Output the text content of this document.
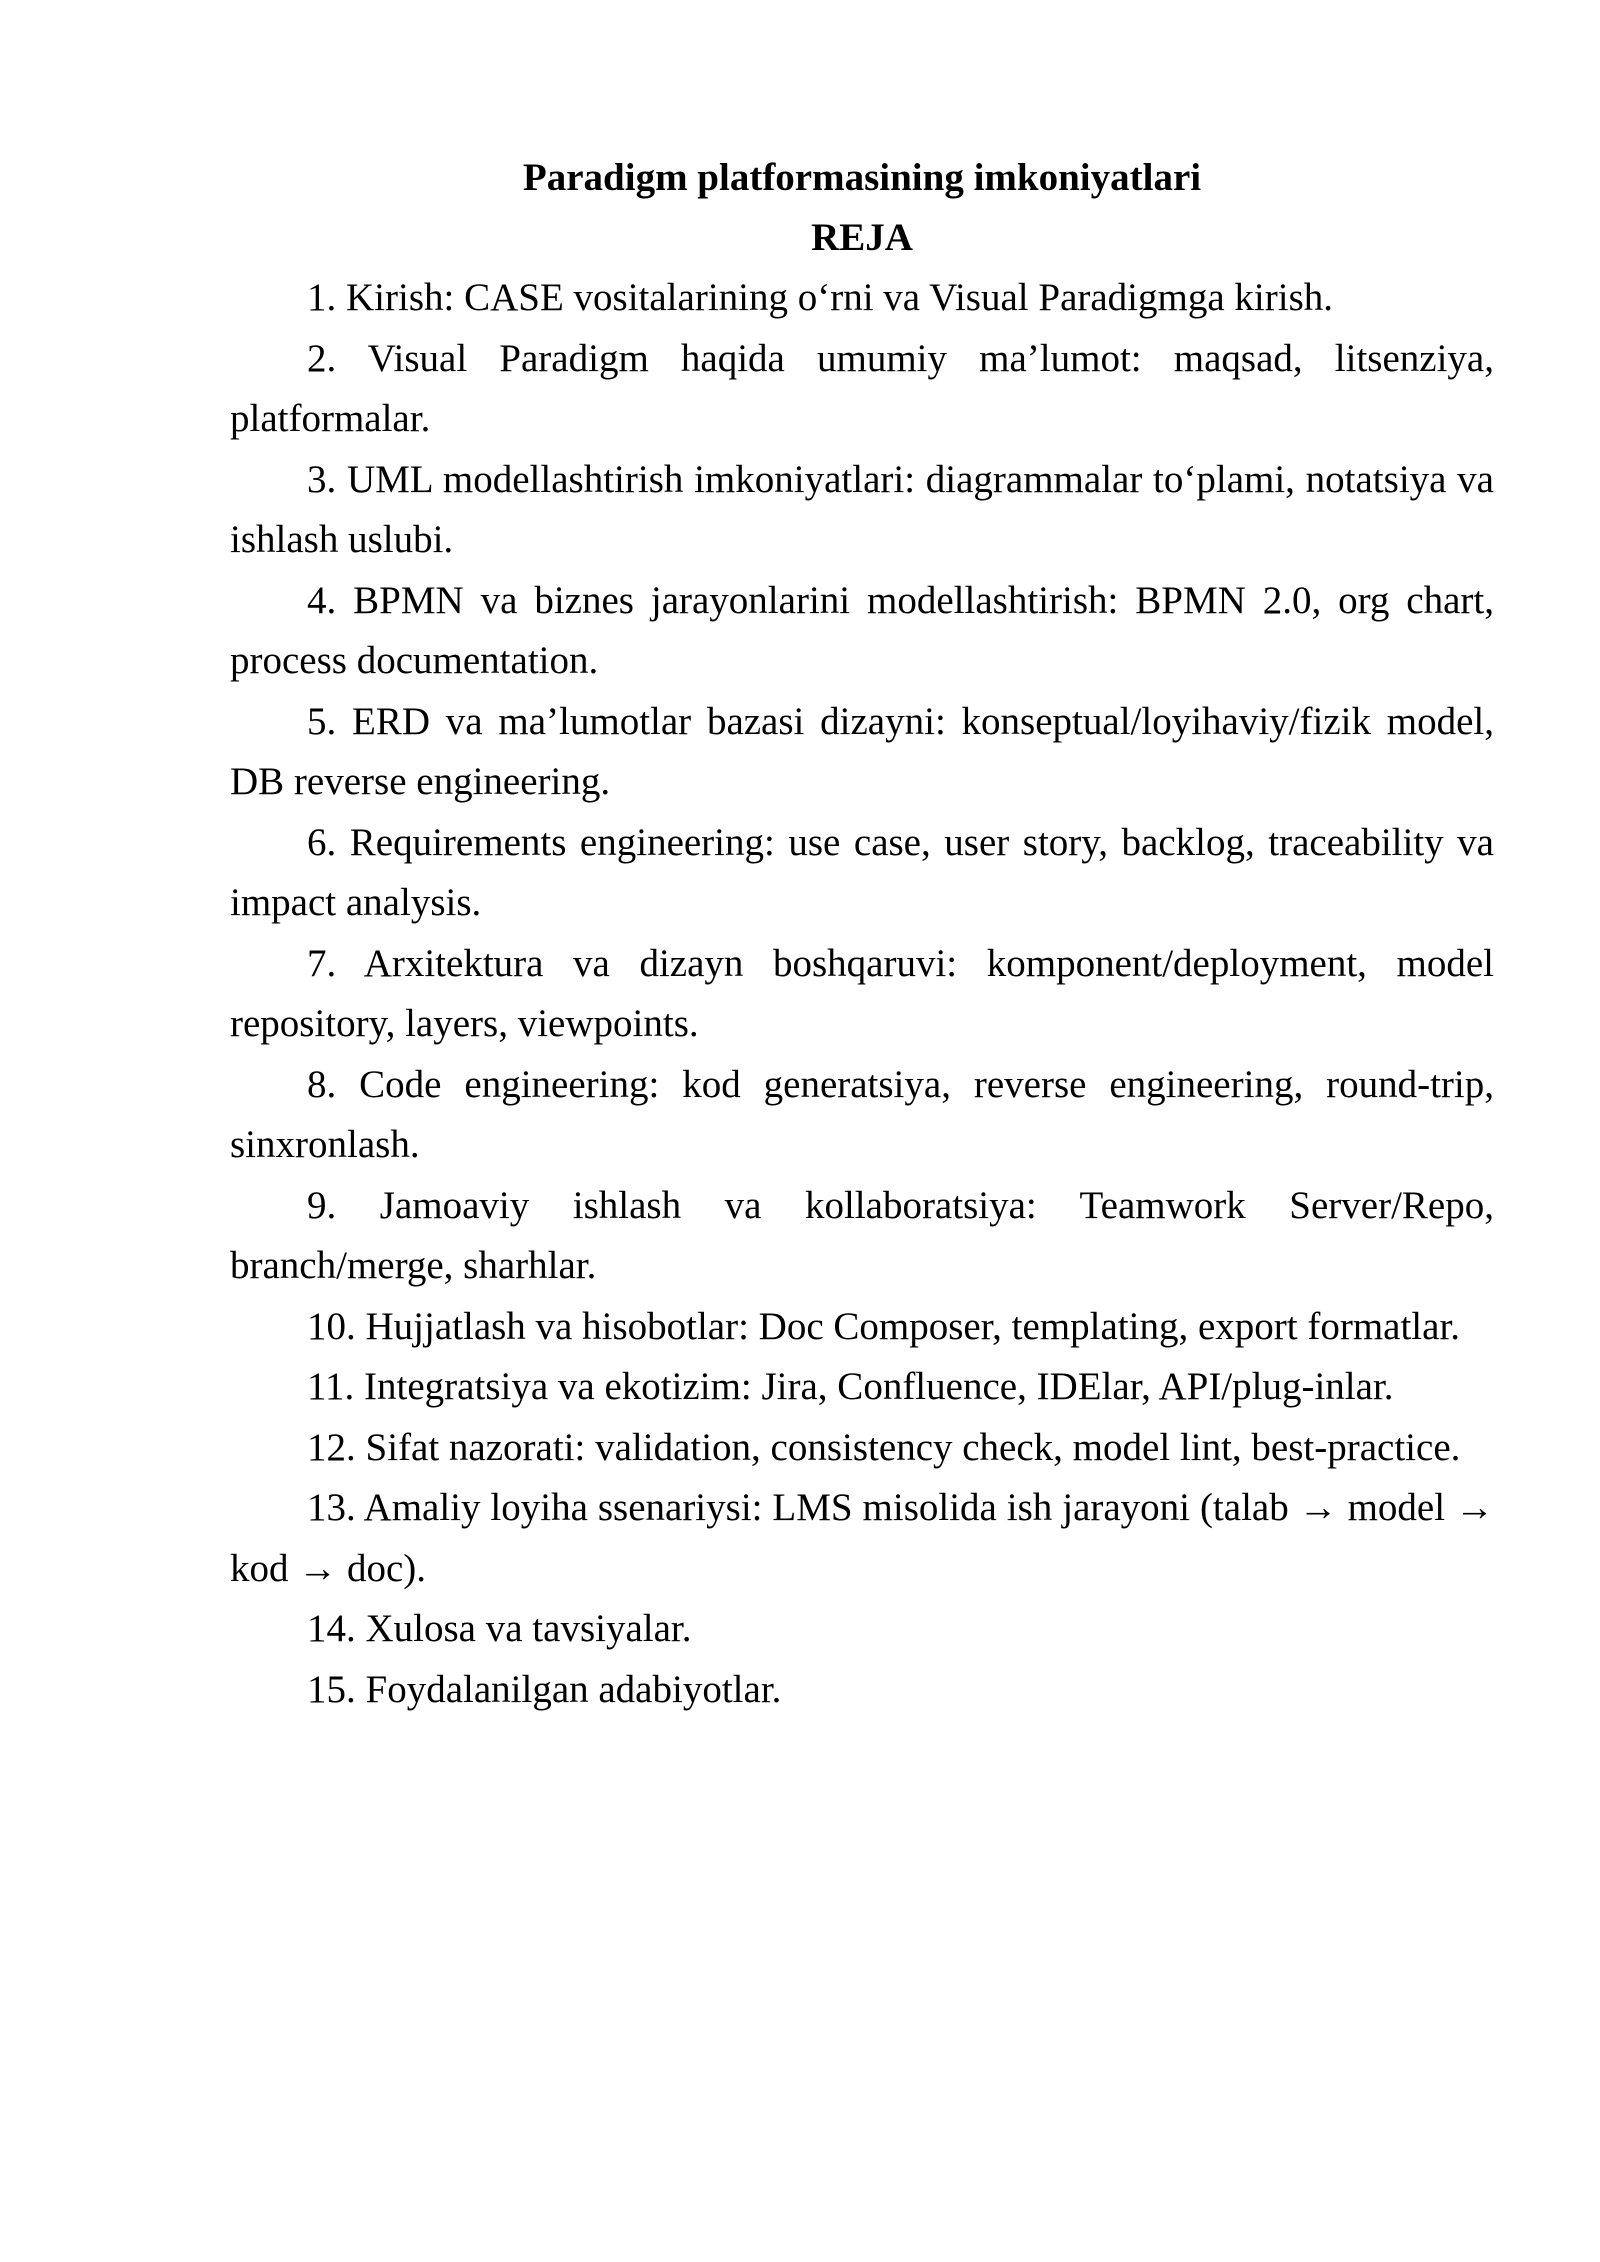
Paradigm platformasining imkoniyatlari

REJA

1. Kirish: CASE vositalarining o‘rni va Visual Paradigmga kirish.
2. Visual Paradigm haqida umumiy ma’lumot: maqsad, litsenziya, platformalar.
3. UML modellashtirish imkoniyatlari: diagrammalar to‘plami, notatsiya va ishlash uslubi.
4. BPMN va biznes jarayonlarini modellashtirish: BPMN 2.0, org chart, process documentation.
5. ERD va ma’lumotlar bazasi dizayni: konseptual/loyihaviy/fizik model, DB reverse engineering.
6. Requirements engineering: use case, user story, backlog, traceability va impact analysis.
7. Arxitektura va dizayn boshqaruvi: komponent/deployment, model repository, layers, viewpoints.
8. Code engineering: kod generatsiya, reverse engineering, round-trip, sinxronlash.
9. Jamoaviy ishlash va kollaboratsiya: Teamwork Server/Repo, branch/merge, sharhlar.
10. Hujjatlash va hisobotlar: Doc Composer, templating, export formatlar.
11. Integratsiya va ekotizim: Jira, Confluence, IDElar, API/plug-inlar.
12. Sifat nazorati: validation, consistency check, model lint, best-practice.
13. Amaliy loyiha ssenariysi: LMS misolida ish jarayoni (talab → model → kod → doc).
14. Xulosa va tavsiyalar.
15. Foydalanilgan adabiyotlar.
